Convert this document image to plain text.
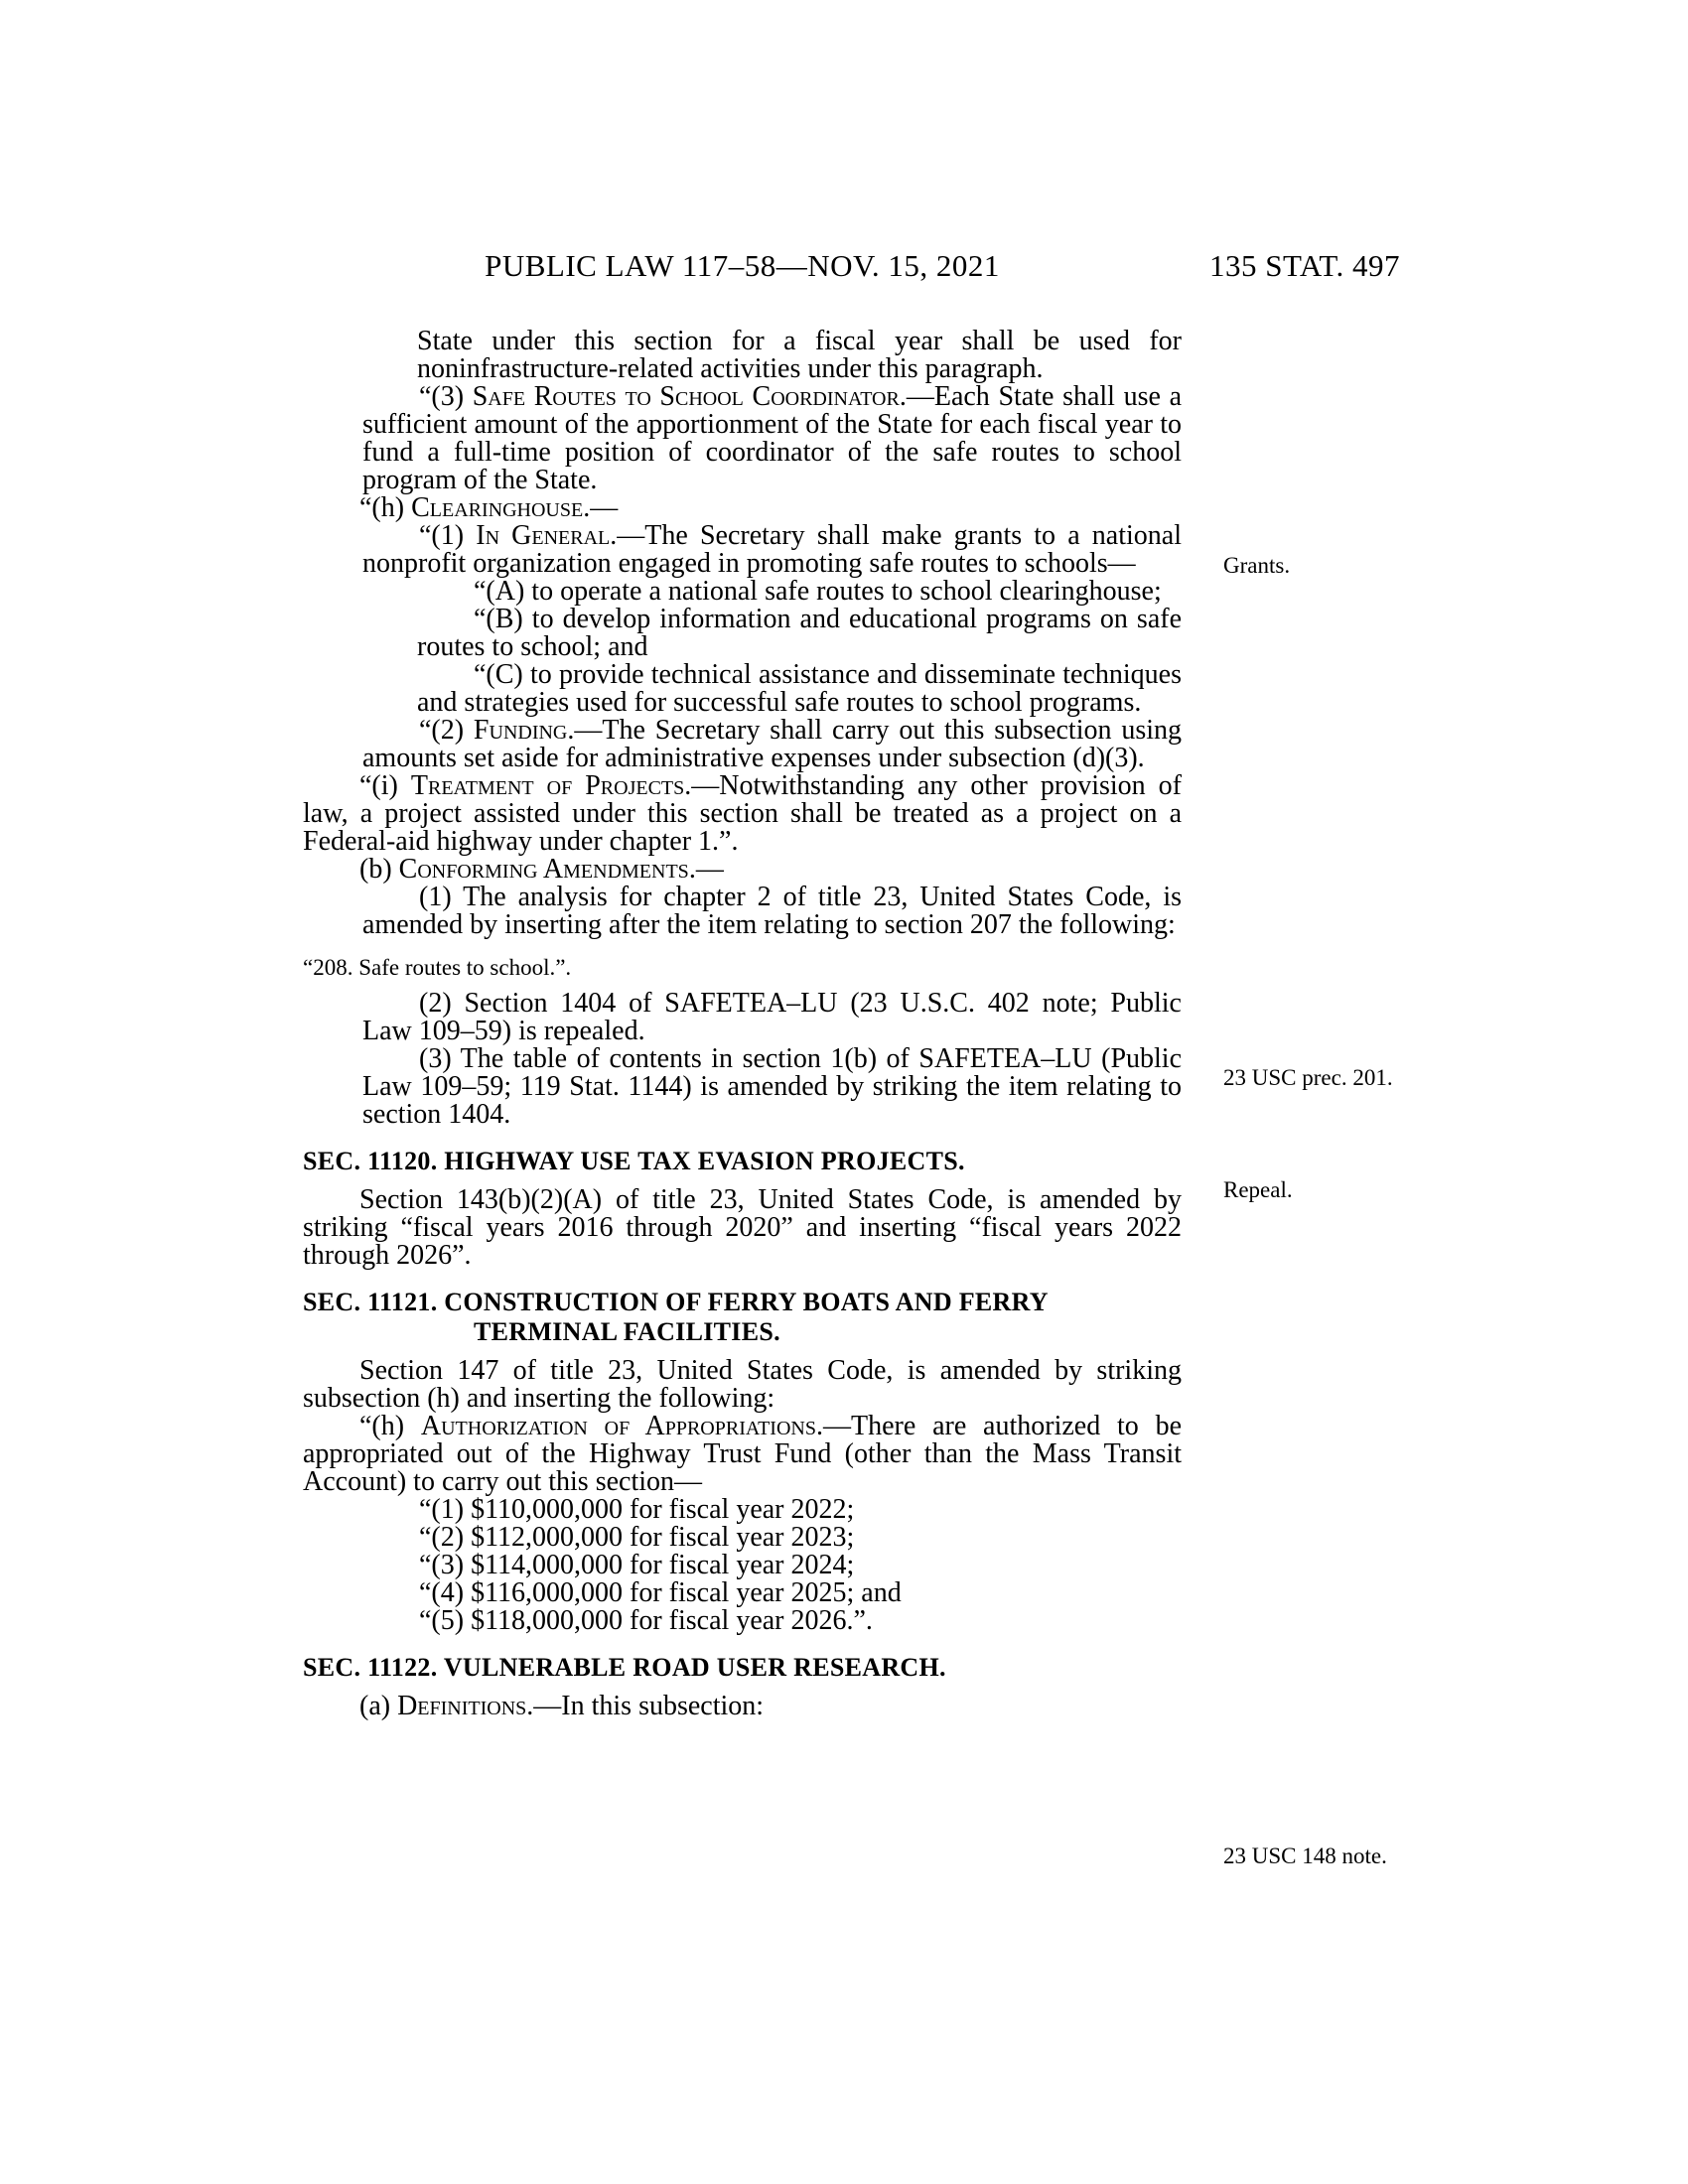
PUBLIC LAW 117–58—NOV. 15, 2021	135 STAT. 497

State under this section for a fiscal year shall be used for noninfrastructure-related activities under this paragraph.

“(3) Safe Routes to School Coordinator.—Each State shall use a sufficient amount of the apportionment of the State for each fiscal year to fund a full-time position of coordinator of the safe routes to school program of the State.

“(h) Clearinghouse.—

“(1) In General.—The Secretary shall make grants to a national nonprofit organization engaged in promoting safe routes to schools—

“(A) to operate a national safe routes to school clearinghouse;

“(B) to develop information and educational programs on safe routes to school; and

“(C) to provide technical assistance and disseminate techniques and strategies used for successful safe routes to school programs.

“(2) Funding.—The Secretary shall carry out this subsection using amounts set aside for administrative expenses under subsection (d)(3).

“(i) Treatment of Projects.—Notwithstanding any other provision of law, a project assisted under this section shall be treated as a project on a Federal-aid highway under chapter 1.”.

(b) Conforming Amendments.—

(1) The analysis for chapter 2 of title 23, United States Code, is amended by inserting after the item relating to section 207 the following:

“208. Safe routes to school.”.

(2) Section 1404 of SAFETEA–LU (23 U.S.C. 402 note; Public Law 109–59) is repealed.

(3) The table of contents in section 1(b) of SAFETEA–LU (Public Law 109–59; 119 Stat. 1144) is amended by striking the item relating to section 1404.

SEC. 11120. HIGHWAY USE TAX EVASION PROJECTS.

Section 143(b)(2)(A) of title 23, United States Code, is amended by striking “fiscal years 2016 through 2020” and inserting “fiscal years 2022 through 2026”.

SEC. 11121. CONSTRUCTION OF FERRY BOATS AND FERRY TERMINAL FACILITIES.

Section 147 of title 23, United States Code, is amended by striking subsection (h) and inserting the following:

“(h) Authorization of Appropriations.—There are authorized to be appropriated out of the Highway Trust Fund (other than the Mass Transit Account) to carry out this section—

“(1) $110,000,000 for fiscal year 2022;

“(2) $112,000,000 for fiscal year 2023;

“(3) $114,000,000 for fiscal year 2024;

“(4) $116,000,000 for fiscal year 2025; and

“(5) $118,000,000 for fiscal year 2026.”.

SEC. 11122. VULNERABLE ROAD USER RESEARCH.

(a) Definitions.—In this subsection:

Grants.
23 USC prec. 201.
Repeal.
23 USC 148 note.
